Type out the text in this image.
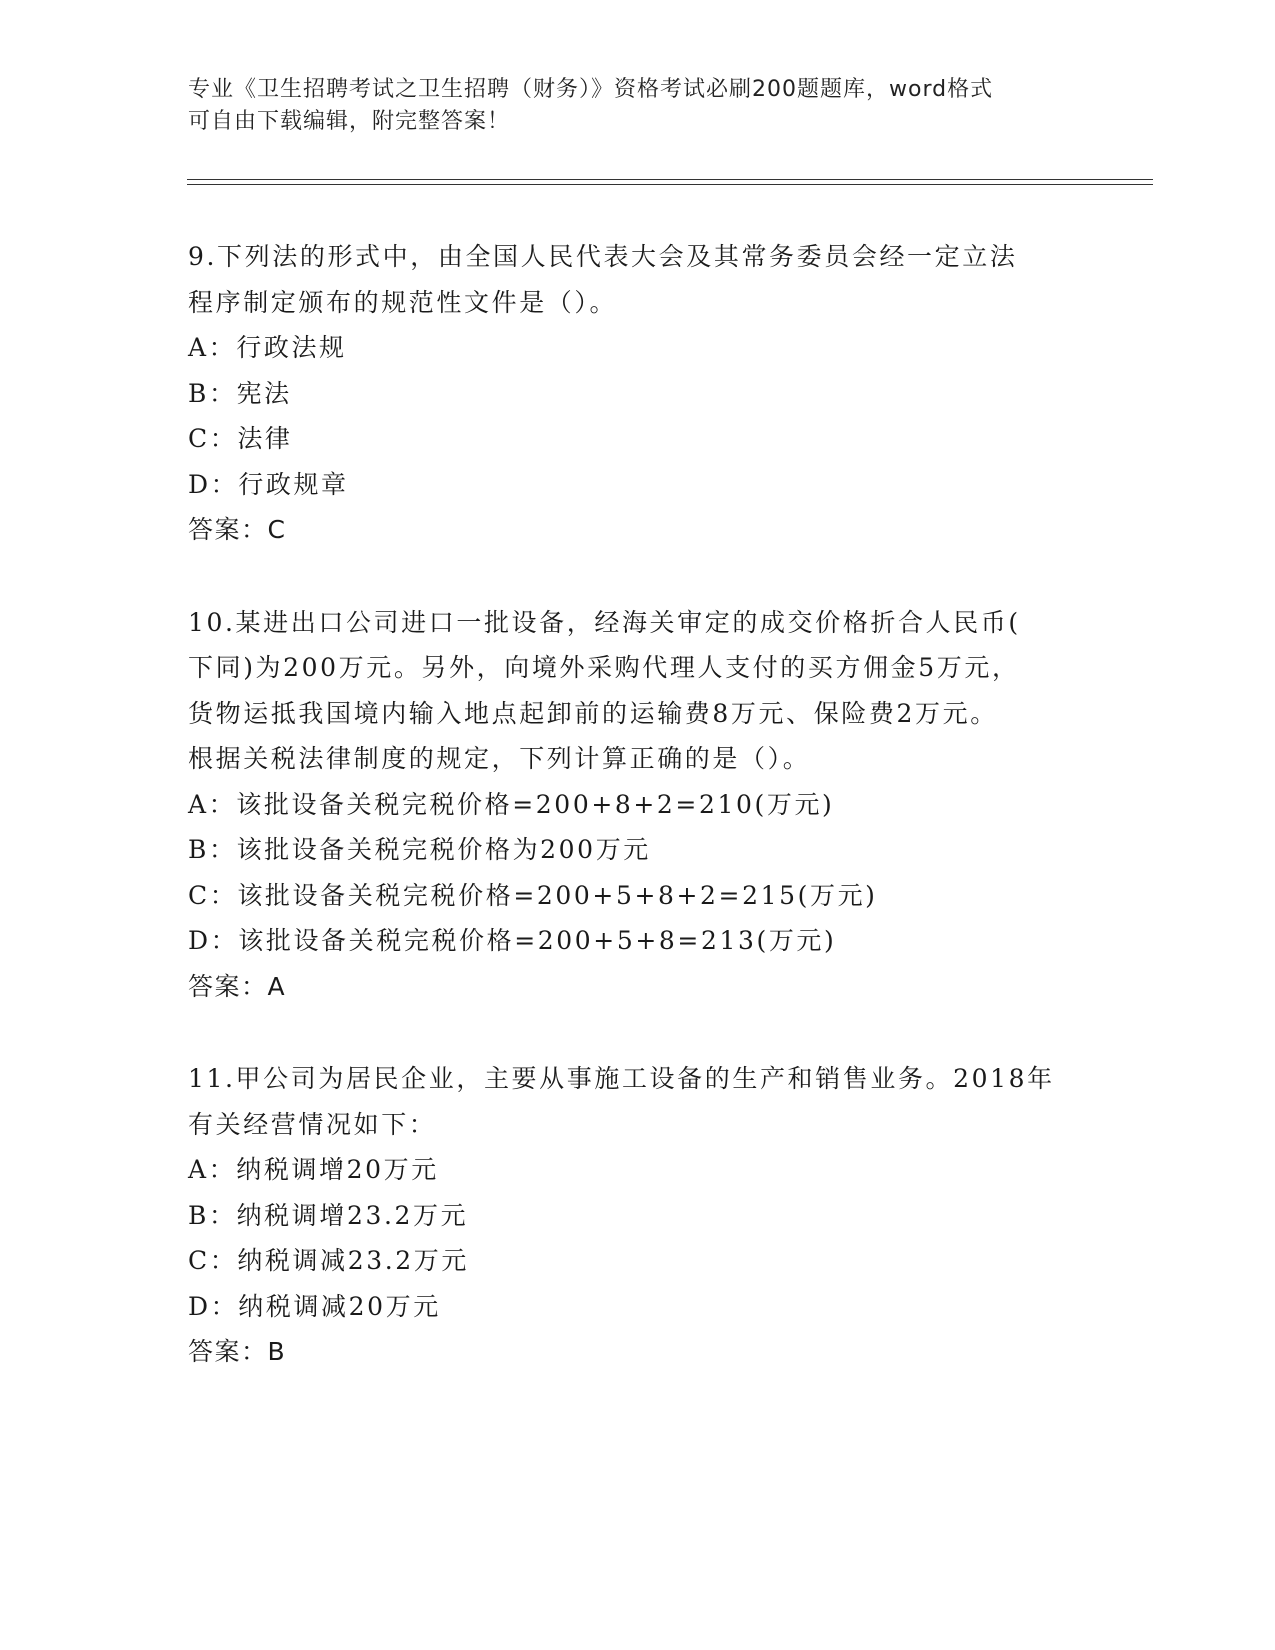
专业《卫生招聘考试之卫生招聘（财务）》资格考试必刷200题题库，word格式
可自由下载编辑，附完整答案！
9.下列法的形式中，由全国人民代表大会及其常务委员会经一定立法
程序制定颁布的规范性文件是（）。
A：行政法规
B：宪法
C：法律
D：行政规章
答案：C
10.某进出口公司进口一批设备，经海关审定的成交价格折合人民币(
下同)为200万元。另外，向境外采购代理人支付的买方佣金5万元，
货物运抵我国境内输入地点起卸前的运输费8万元、保险费2万元。
根据关税法律制度的规定，下列计算正确的是（）。
A：该批设备关税完税价格=200+8+2=210(万元)
B：该批设备关税完税价格为200万元
C：该批设备关税完税价格=200+5+8+2=215(万元)
D：该批设备关税完税价格=200+5+8=213(万元)
答案：A
11.甲公司为居民企业，主要从事施工设备的生产和销售业务。2018年
有关经营情况如下：
A：纳税调增20万元
B：纳税调增23.2万元
C：纳税调减23.2万元
D：纳税调减20万元
答案：B
